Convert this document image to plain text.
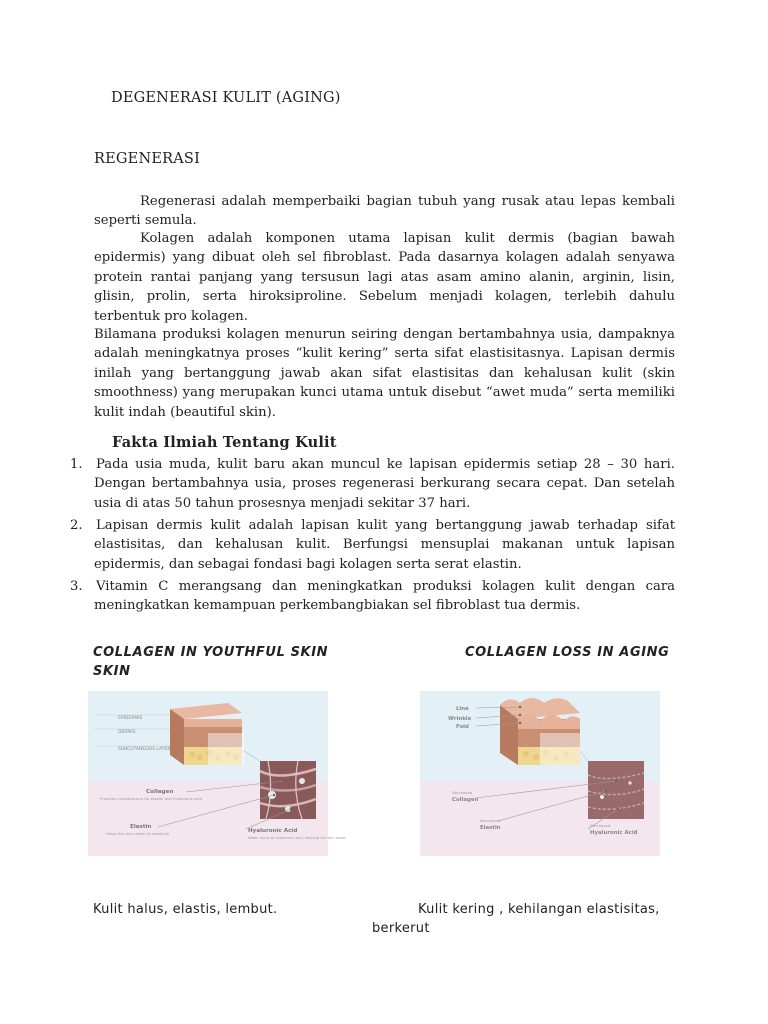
DEGENERASI KULIT (AGING)
REGENERASI

Regenerasi adalah memperbaiki bagian tubuh yang rusak atau lepas kembali seperti semula.

Kolagen adalah komponen utama lapisan kulit dermis (bagian bawah epidermis) yang dibuat oleh sel fibroblast. Pada dasarnya kolagen adalah senyawa protein rantai panjang yang tersusun lagi atas asam amino alanin, arginin, lisin, glisin, prolin, serta hiroksiproline. Sebelum menjadi kolagen, terlebih dahulu terbentuk pro kolagen.

Bilamana produksi kolagen menurun seiring dengan bertambahnya usia, dampaknya adalah meningkatnya proses “kulit kering” serta sifat elastisitasnya. Lapisan dermis inilah yang bertanggung jawab akan sifat elastisitas dan kehalusan kulit (skin smoothness) yang merupakan kunci utama untuk disebut “awet muda” serta memiliki kulit indah (beautiful skin).

Fakta Ilmiah Tentang Kulit
1. Pada usia muda, kulit baru akan muncul ke lapisan epidermis setiap 28 – 30 hari. Dengan bertambahnya usia, proses regenerasi berkurang secara cepat. Dan setelah usia di atas 50 tahun prosesnya menjadi sekitar 37 hari.

2. Lapisan dermis kulit adalah lapisan kulit yang bertanggung jawab terhadap sifat elastisitas, dan kehalusan kulit. Berfungsi mensuplai makanan untuk lapisan epidermis, dan sebagai fondasi bagi kolagen serta serat elastin.

3. Vitamin C merangsang dan meningkatkan produksi kolagen kulit dengan cara meningkatkan kemampuan perkembangbiakan sel fibroblast tua dermis.

COLLAGEN IN YOUTHFUL SKIN SKIN
COLLAGEN LOSS IN AGING
EPIDERMIS
DERMIS
SUBCUTANEOUS LAYER
Collagen
Provides infrastructure for elastin and hyaluronic acid
Elastin
Helps the skin retain its elasticity	Hyaluronic Acid
Water binds to hyaluronic acid, keeping the skin moist
Line
Wrinkle
Fold
Decreased
Collagen
Decreased
Elastin	Decreased
Hyaluronic Acid
Kulit halus, elastis, lembut.	Kulit kering , kehilangan elastisitas,
berkerut
